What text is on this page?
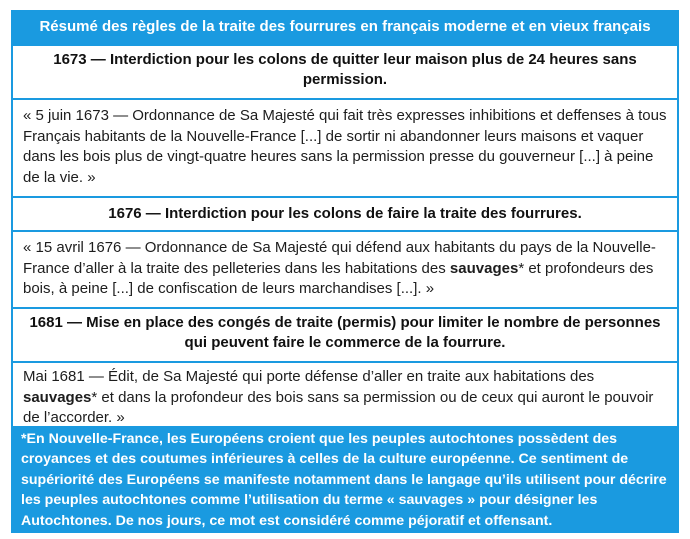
Résumé des règles de la traite des fourrures en français moderne et en vieux français
1673 — Interdiction pour les colons de quitter leur maison plus de 24 heures sans permission.
« 5 juin 1673 — Ordonnance de Sa Majesté qui fait très expresses inhibitions et deffenses à tous Français habitants de la Nouvelle-France [...] de sortir ni abandonner leurs maisons et vaquer dans les bois plus de vingt-quatre heures sans la permission presse du gouverneur [...] à peine de la vie. »
1676 — Interdiction pour les colons de faire la traite des fourrures.
« 15 avril 1676 — Ordonnance de Sa Majesté qui défend aux habitants du pays de la Nouvelle-France d’aller à la traite des pelleteries dans les habitations des sauvages* et profondeurs des bois, à peine [...] de confiscation de leurs marchandises [...]. »
1681 — Mise en place des congés de traite (permis) pour limiter le nombre de personnes qui peuvent faire le commerce de la fourrure.
Mai 1681 — Édit, de Sa Majesté qui porte défense d’aller en traite aux habitations des sauvages* et dans la profondeur des bois sans sa permission ou de ceux qui auront le pouvoir de l’accorder. »
*En Nouvelle-France, les Européens croient que les peuples autochtones possèdent des croyances et des coutumes inférieures à celles de la culture européenne. Ce sentiment de supériorité des Européens se manifeste notamment dans le langage qu’ils utilisent pour décrire les peuples autochtones comme l’utilisation du terme « sauvages » pour désigner les Autochtones. De nos jours, ce mot est considéré comme péjoratif et offensant.
